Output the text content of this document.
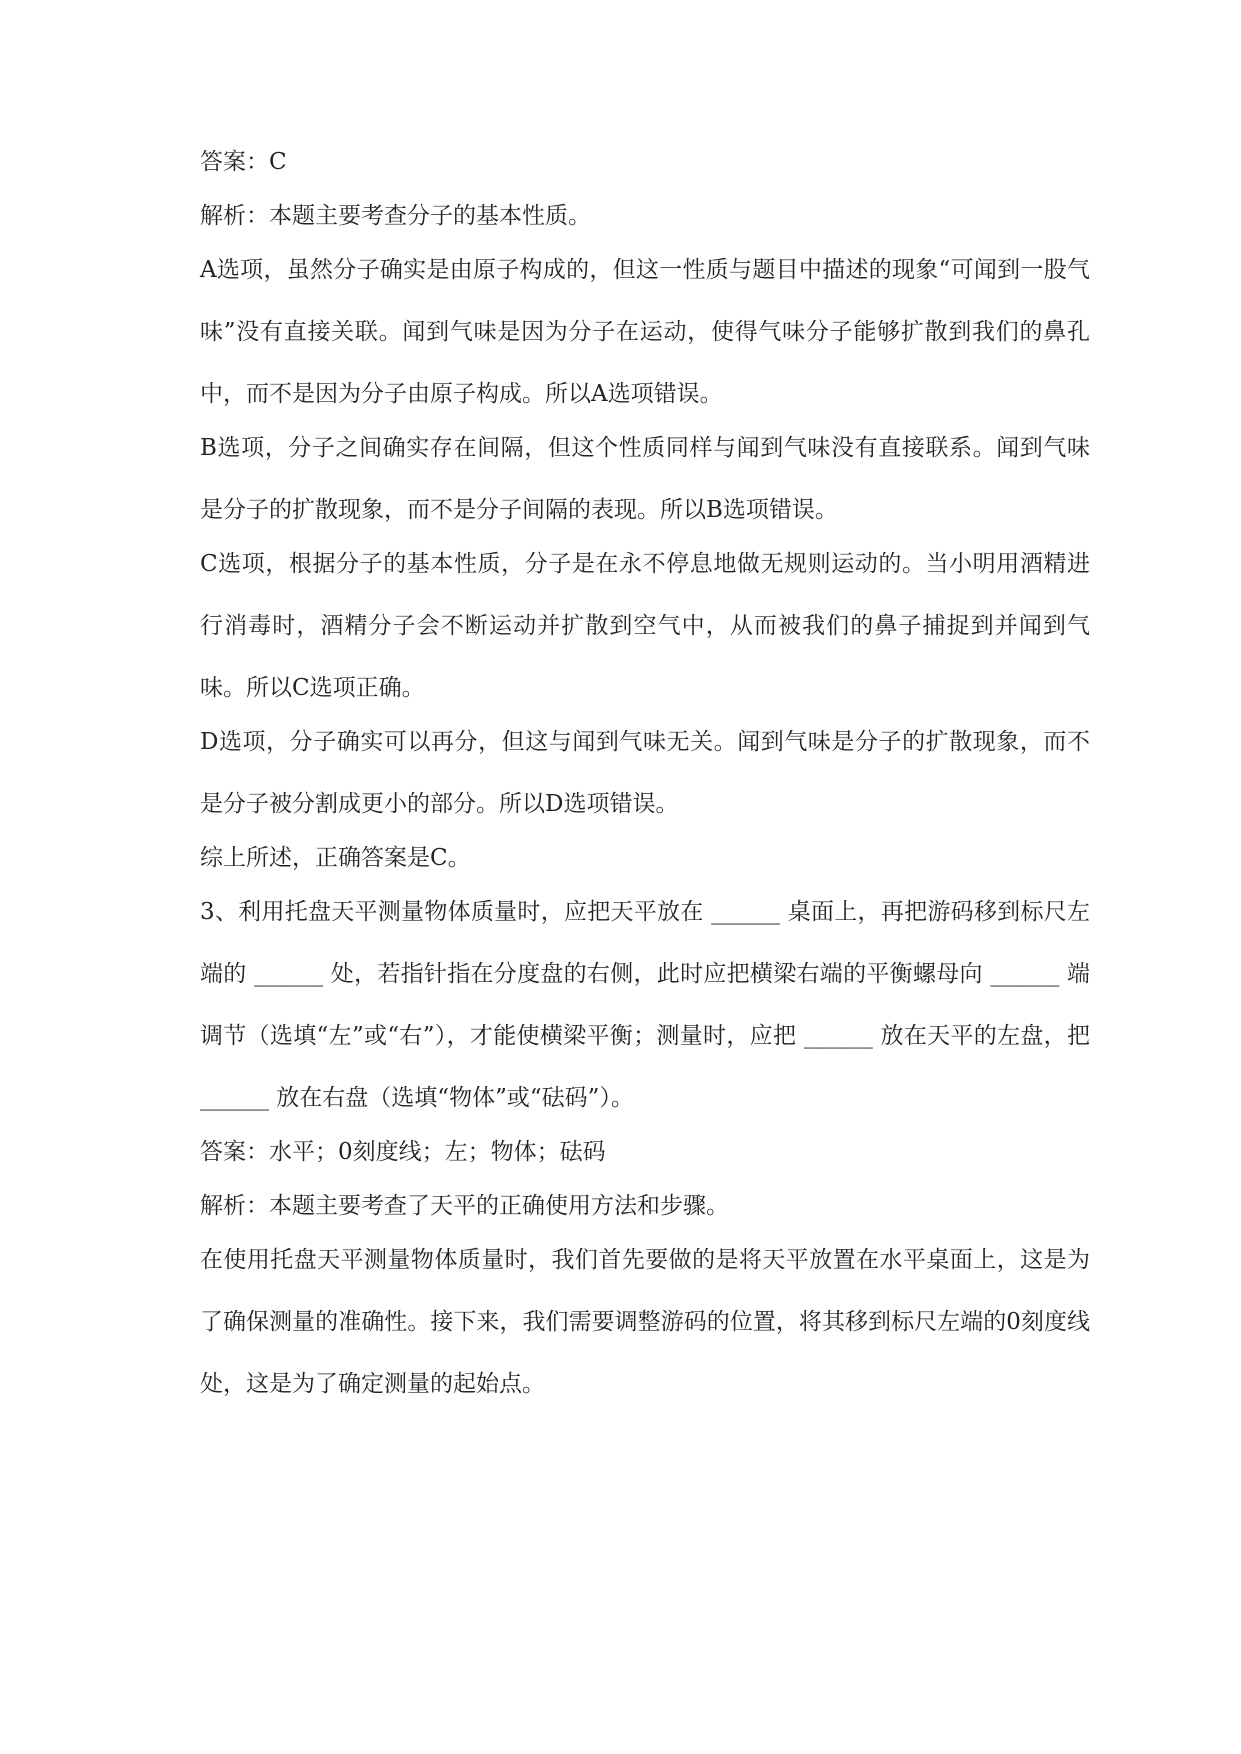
答案：C

解析：本题主要考查分子的基本性质。

A选项，虽然分子确实是由原子构成的，但这一性质与题目中描述的现象“可闻到一股气味”没有直接关联。闻到气味是因为分子在运动，使得气味分子能够扩散到我们的鼻孔中，而不是因为分子由原子构成。所以A选项错误。

B选项，分子之间确实存在间隔，但这个性质同样与闻到气味没有直接联系。闻到气味是分子的扩散现象，而不是分子间隔的表现。所以B选项错误。

C选项，根据分子的基本性质，分子是在永不停息地做无规则运动的。当小明用酒精进行消毒时，酒精分子会不断运动并扩散到空气中，从而被我们的鼻子捕捉到并闻到气味。所以C选项正确。

D选项，分子确实可以再分，但这与闻到气味无关。闻到气味是分子的扩散现象，而不是分子被分割成更小的部分。所以D选项错误。

综上所述，正确答案是C。

3、利用托盘天平测量物体质量时，应把天平放在 ______ 桌面上，再把游码移到标尺左端的 ______ 处，若指针指在分度盘的右侧，此时应把横梁右端的平衡螺母向 ______ 端调节（选填“左”或“右”），才能使横梁平衡；测量时，应把 ______ 放在天平的左盘，把 ______ 放在右盘（选填“物体”或“砝码”）。

答案：水平；0刻度线；左；物体；砝码

解析：本题主要考查了天平的正确使用方法和步骤。

在使用托盘天平测量物体质量时，我们首先要做的是将天平放置在水平桌面上，这是为了确保测量的准确性。接下来，我们需要调整游码的位置，将其移到标尺左端的0刻度线处，这是为了确定测量的起始点。
